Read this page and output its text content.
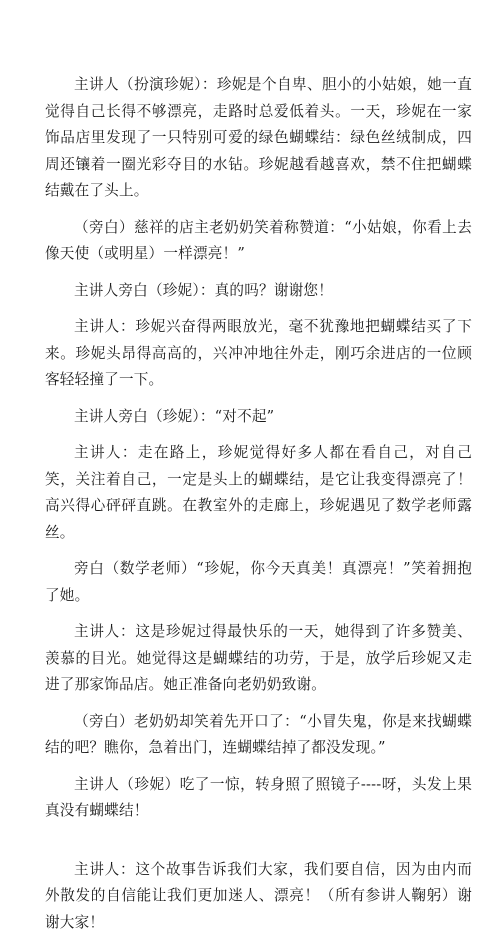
主讲人（扮演珍妮）：珍妮是个自卑、胆小的小姑娘，她一直觉得自己长得不够漂亮，走路时总爱低着头。一天，珍妮在一家饰品店里发现了一只特别可爱的绿色蝴蝶结：绿色丝绒制成，四周还镶着一圈光彩夺目的水钻。珍妮越看越喜欢，禁不住把蝴蝶结戴在了头上。

（旁白）慈祥的店主老奶奶笑着称赞道：“小姑娘，你看上去像天使（或明星）一样漂亮！”

主讲人旁白（珍妮）：真的吗？谢谢您！

主讲人：珍妮兴奋得两眼放光，毫不犹豫地把蝴蝶结买了下来。珍妮头昂得高高的，兴冲冲地往外走，刚巧余进店的一位顾客轻轻撞了一下。

主讲人旁白（珍妮）：“对不起”

主讲人：走在路上，珍妮觉得好多人都在看自己，对自己笑，关注着自己，一定是头上的蝴蝶结，是它让我变得漂亮了！高兴得心砰砰直跳。在教室外的走廊上，珍妮遇见了数学老师露丝。

旁白（数学老师）“珍妮，你今天真美！真漂亮！”笑着拥抱了她。

主讲人：这是珍妮过得最快乐的一天，她得到了许多赞美、羡慕的目光。她觉得这是蝴蝶结的功劳，于是，放学后珍妮又走进了那家饰品店。她正准备向老奶奶致谢。

（旁白）老奶奶却笑着先开口了：“小冒失鬼，你是来找蝴蝶结的吧？瞧你，急着出门，连蝴蝶结掉了都没发现。”

主讲人（珍妮）吃了一惊，转身照了照镜子----呀，头发上果真没有蝴蝶结！

主讲人：这个故事告诉我们大家，我们要自信，因为由内而外散发的自信能让我们更加迷人、漂亮！（所有参讲人鞠躬）谢谢大家！
